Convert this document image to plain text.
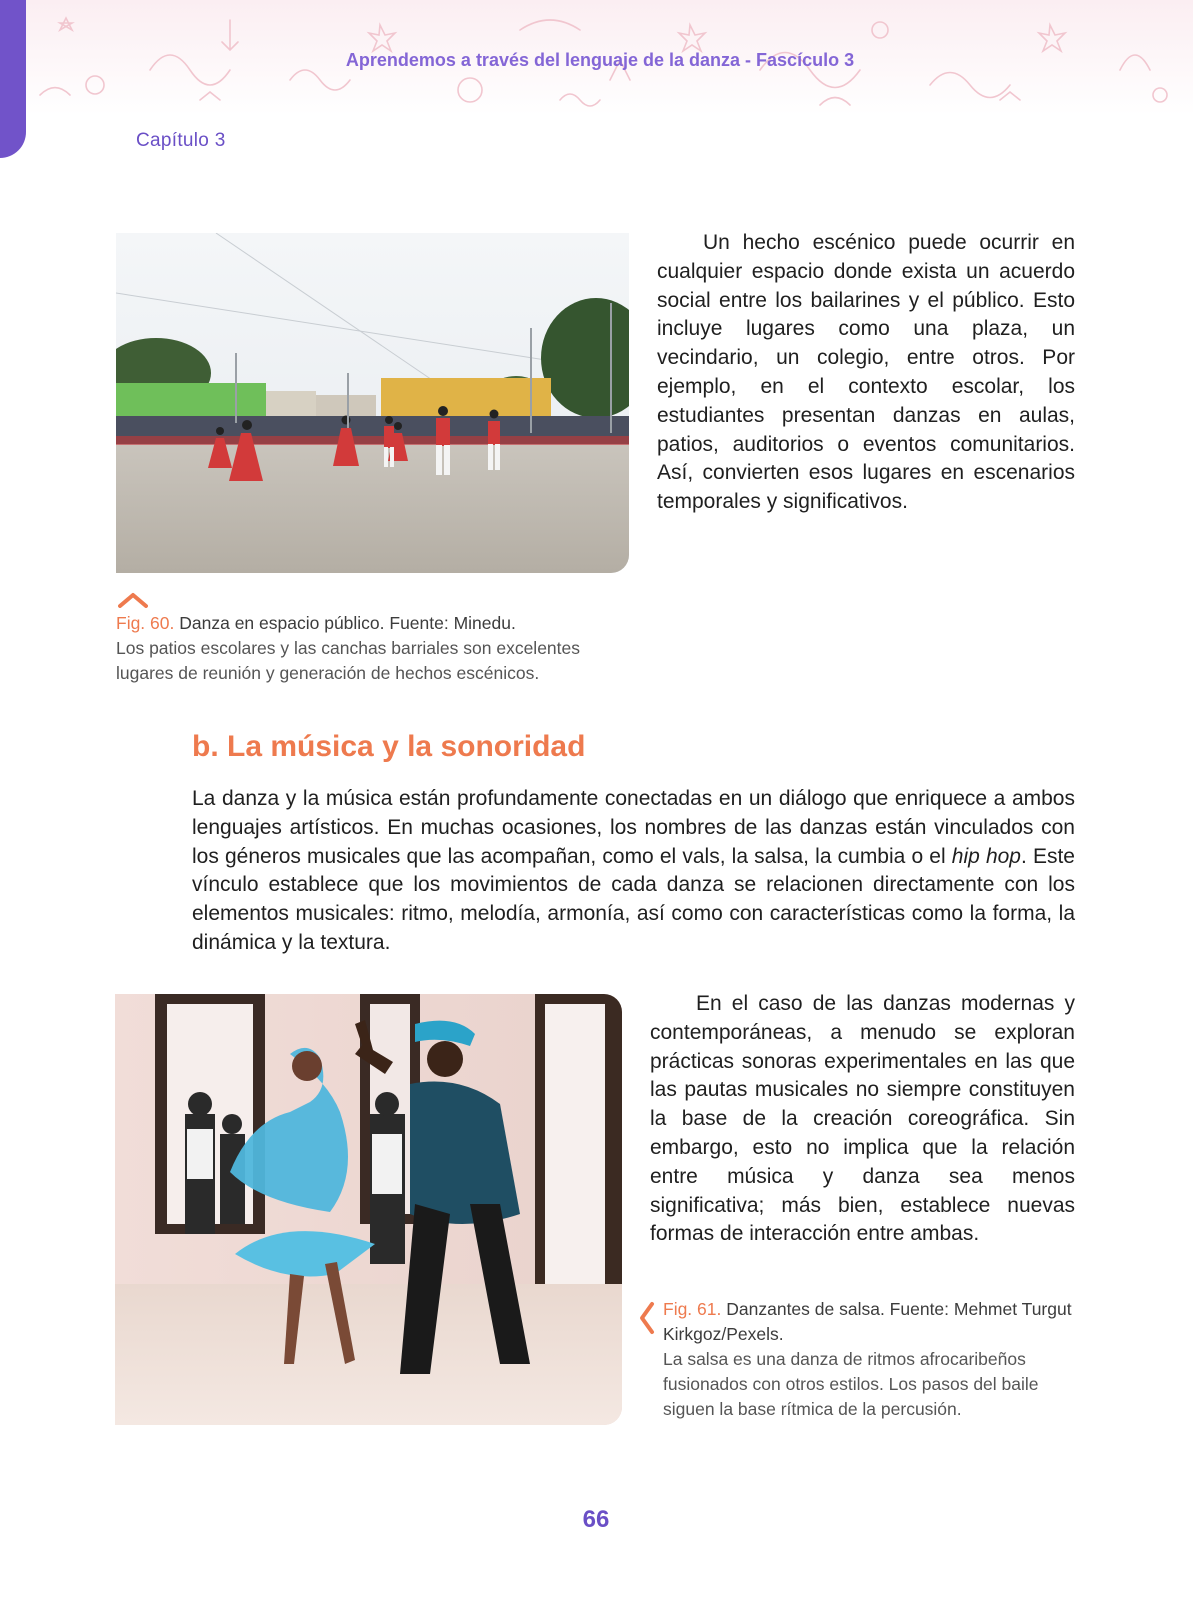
Aprendemos a través del lenguaje de la danza - Fascículo 3
Capítulo 3
Fig. 60. Danza en espacio público. Fuente: Minedu.
Los patios escolares y las canchas barriales son excelentes lugares de reunión y generación de hechos escénicos.

Un hecho escénico puede ocurrir en cualquier espacio donde exista un acuerdo social entre los bailarines y el público. Esto incluye lugares como una plaza, un vecindario, un colegio, entre otros. Por ejemplo, en el contexto escolar, los estudiantes presentan danzas en aulas, patios, auditorios o eventos comunitarios. Así, convierten esos lugares en escenarios temporales y significativos.

b. La música y la sonoridad

La danza y la música están profundamente conectadas en un diálogo que enriquece a ambos lenguajes artísticos. En muchas ocasiones, los nombres de las danzas están vinculados con los géneros musicales que las acompañan, como el vals, la salsa, la cumbia o el hip hop. Este vínculo establece que los movimientos de cada danza se relacionen directamente con los elementos musicales: ritmo, melodía, armonía, así como con características como la forma, la dinámica y la textura.

En el caso de las danzas modernas y contemporáneas, a menudo se exploran prácticas sonoras experimentales en las que las pautas musicales no siempre constituyen la base de la creación coreográfica. Sin embargo, esto no implica que la relación entre música y danza sea menos significativa; más bien, establece nuevas formas de interacción entre ambas.

Fig. 61. Danzantes de salsa. Fuente: Mehmet Turgut Kirkgoz/Pexels.
La salsa es una danza de ritmos afrocaribeños fusionados con otros estilos. Los pasos del baile siguen la base rítmica de la percusión.
66
